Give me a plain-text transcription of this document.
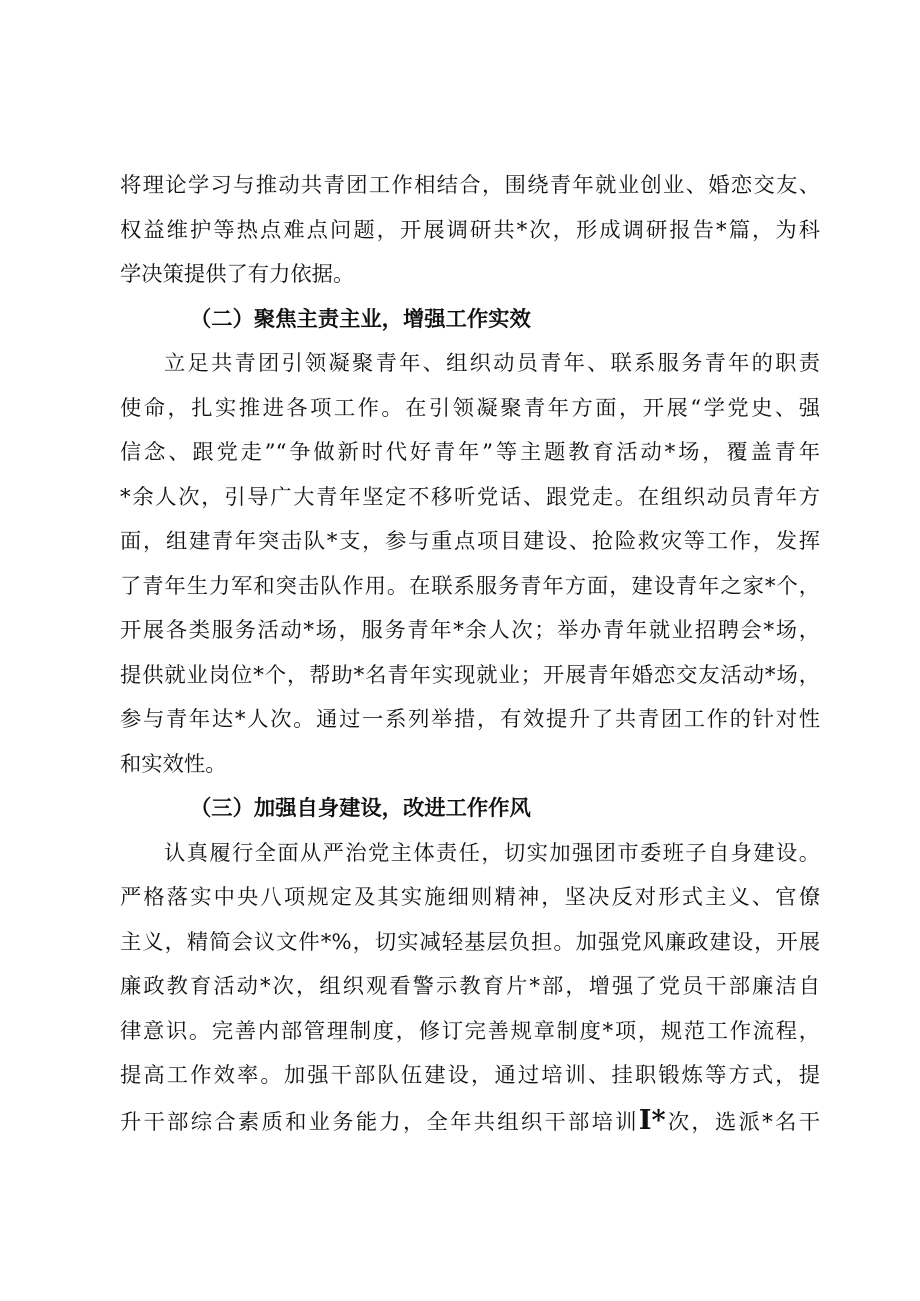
将理论学习与推动共青团工作相结合，围绕青年就业创业、婚恋交友、
权益维护等热点难点问题，开展调研共*次，形成调研报告*篇，为科
学决策提供了有力依据。
（二）聚焦主责主业，增强工作实效
立足共青团引领凝聚青年、组织动员青年、联系服务青年的职责
使命，扎实推进各项工作。在引领凝聚青年方面，开展“学党史、强
信念、跟党走”“争做新时代好青年”等主题教育活动*场，覆盖青年
*余人次，引导广大青年坚定不移听党话、跟党走。在组织动员青年方
面，组建青年突击队*支，参与重点项目建设、抢险救灾等工作，发挥
了青年生力军和突击队作用。在联系服务青年方面，建设青年之家*个，
开展各类服务活动*场，服务青年*余人次；举办青年就业招聘会*场，
提供就业岗位*个，帮助*名青年实现就业；开展青年婚恋交友活动*场，
参与青年达*人次。通过一系列举措，有效提升了共青团工作的针对性
和实效性。
（三）加强自身建设，改进工作作风
认真履行全面从严治党主体责任，切实加强团市委班子自身建设。
严格落实中央八项规定及其实施细则精神，坚决反对形式主义、官僚
主义，精简会议文件*%，切实减轻基层负担。加强党风廉政建设，开展
廉政教育活动*次，组织观看警示教育片*部，增强了党员干部廉洁自
律意识。完善内部管理制度，修订完善规章制度*项，规范工作流程，
提高工作效率。加强干部队伍建设，通过培训、挂职锻炼等方式，提
升干部综合素质和业务能力，全年共组织干部培训I*次，选派*名干
